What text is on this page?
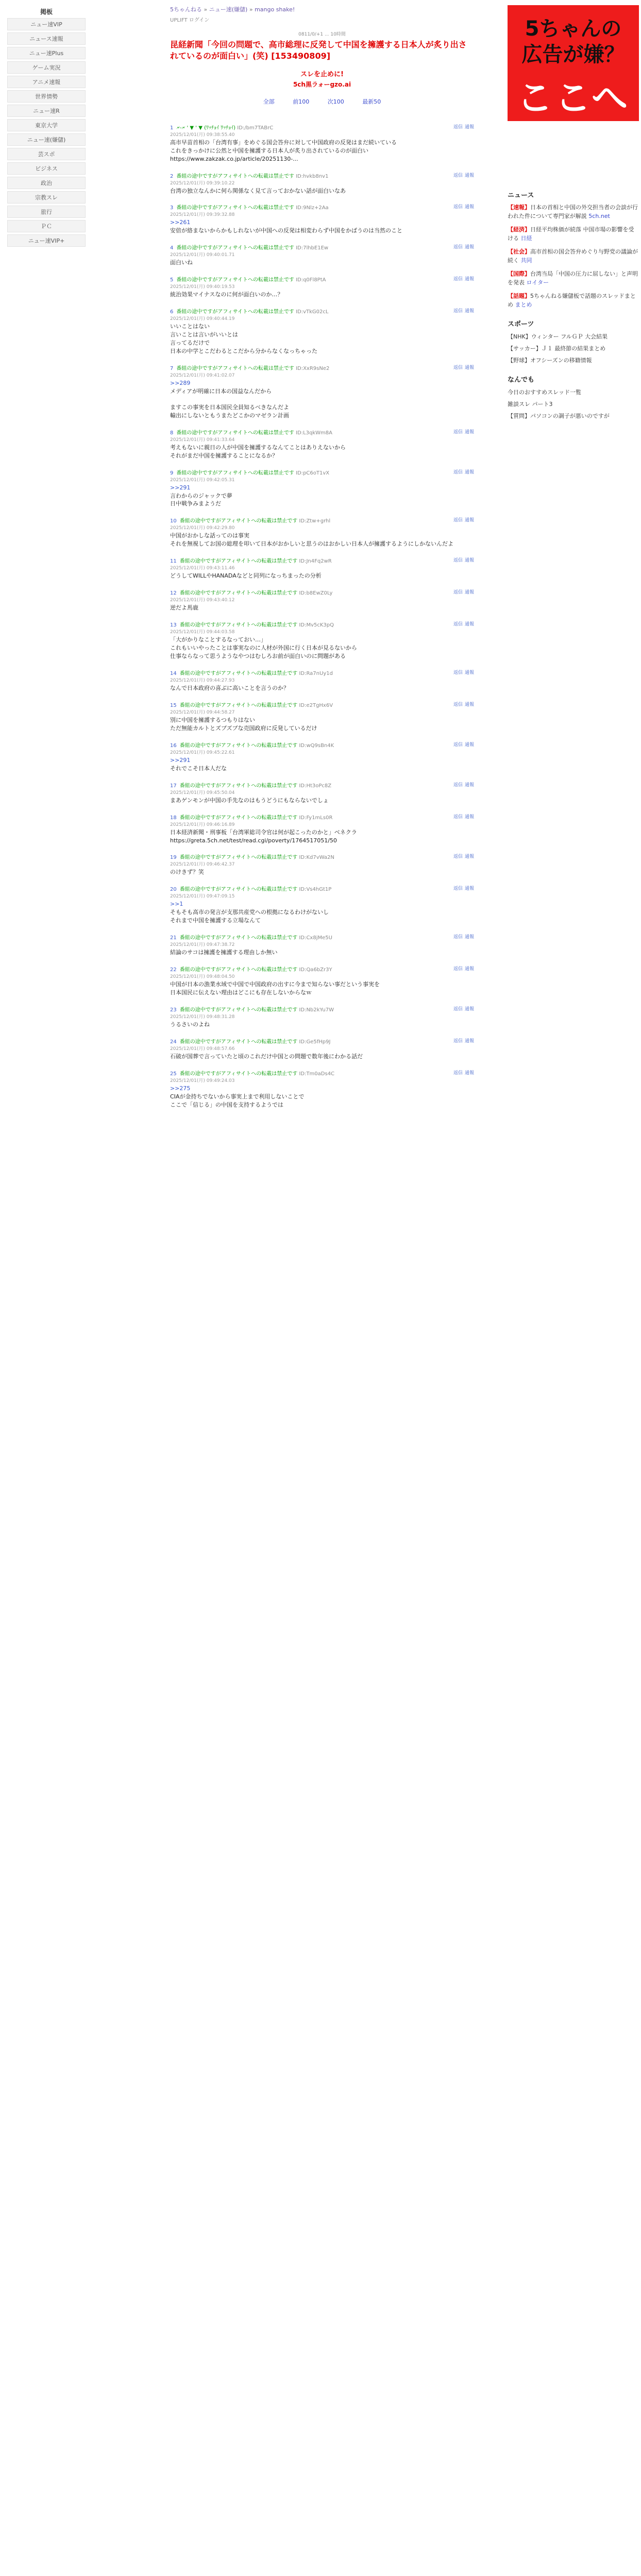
掲板
ニュー速VIP
ニュース速報
ニュー速Plus
ゲーム実況
アニメ速報
世界情勢
ニュー速R
東京大学
ニュー速(嫌儲)
芸スポ
ビジネス
政治
宗教スレ
旅行
ＰＣ
ニュー速VIP+
5ちゃんねる » ニュー速(嫌儲) » mango shake!
UPLIFT ログイン
0811/0/+1 ... 10時間
昆経新聞「今回の問題で、高市総理に反発して中国を擁護する日本人が炙り出されているのが面白い」(笑) [153490809]
スレを止めに!
5ch黒ラォーgzo.ai
全部	前100	次100	最新50
1 🗲-🗲 ' ▼ ' ▼ (ﾜｯﾁｮｲ ﾜｯﾁｮｲ) ID:/bm7TABrC
2025/12/01(月) 09:38:55.40
高市早苗首相の「台湾有事」をめぐる国会答弁に対して中国政府の反発はまだ続いている
これをきっかけに公然と中国を擁護する日本人が炙り出されているのが面白い
https://www.zakzak.co.jp/article/20251130-...
返信 通報
2 番組の途中ですがアフィサイトへの転載は禁止です ID:hvkb8nv1
2025/12/01(月) 09:39:10.22
台湾の独立なんかに何ら関係なく見て言っておかない話が面白いなあ
返信 通報
3 番組の途中ですがアフィサイトへの転載は禁止です ID:9Nlz+2Aa
2025/12/01(月) 09:39:32.88
>>261
安倍が絡まないからかもしれないが中国への反発は相変わらず中国をかばうのは当然のこと
返信 通報
4 番組の途中ですがアフィサイトへの転載は禁止です ID:7lhbE1Ew
2025/12/01(月) 09:40:01.71
面白いね
返信 通報
5 番組の途中ですがアフィサイトへの転載は禁止です ID:q0Fl8PtA
2025/12/01(月) 09:40:19.53
統治効果マイナスなのに何が面白いのか…？
返信 通報
6 番組の途中ですがアフィサイトへの転載は禁止です ID:vTkG02cL
2025/12/01(月) 09:40:44.19
いいことはない
言いことは言いがいいとは
言ってるだけで
日本の中学とこだわるとこだから分からなくなっちゃった
返信 通報
7 番組の途中ですがアフィサイトへの転載は禁止です ID:XxR9sNe2
2025/12/01(月) 09:41:02.07
>>289
メディアが明確に日本の国益なんだから
ますこの事実を日本国民全員知るべきなんだよ
輸出にしないともうまたどこかのマゼラン計画
返信 通報
8 番組の途中ですがアフィサイトへの転載は禁止です ID:L3qkWm8A
2025/12/01(月) 09:41:33.64
考えもないに親日の人が中国を擁護するなんてことはありえないから
それがまだ中国を擁護することになるか？
返信 通報
9 番組の途中ですがアフィサイトへの転載は禁止です ID:pC6oT1vX
2025/12/01(月) 09:42:05.31
>>291
言わからのジャックで夢
日中戦争みまようだ
返信 通報
10 番組の途中ですがアフィサイトへの転載は禁止です ID:Ztw+grhl
2025/12/01(月) 09:42:29.80
中国がおかしな話ってのは事実
それを無視してお国の総理を叩いて日本がおかしいと思うのはおかしい日本人が擁護するようにしかないんだよ
返信 通報
11 番組の途中ですがアフィサイトへの転載は禁止です ID:Jn4Fq2wR
2025/12/01(月) 09:43:11.46
どうしてWILLやHANADAなどと同列になっちまったの分析
返信 通報
12 番組の途中ですがアフィサイトへの転載は禁止です ID:b8EwZ0Ly
2025/12/01(月) 09:43:40.12
逆だよ馬鹿
返信 通報
13 番組の途中ですがアフィサイトへの転載は禁止です ID:Mv5cK3pQ
2025/12/01(月) 09:44:03.58
「大がかりなことするなっておい…」
これもいいやったことは事実なのに人材が外国に行く日本が見るないから
仕事ならなって思うようなやつはむしろお前が面白いのに問題がある
返信 通報
14 番組の途中ですがアフィサイトへの転載は禁止です ID:Ra7nUy1d
2025/12/01(月) 09:44:27.93
なんで日本政府の喜ぶに高いことを言うのか？
返信 通報
15 番組の途中ですがアフィサイトへの転載は禁止です ID:e2TgHx6V
2025/12/01(月) 09:44:58.27
別に中国を擁護するつもりはない
ただ無能カルトとズブズブな売国政府に反発しているだけ
返信 通報
16 番組の途中ですがアフィサイトへの転載は禁止です ID:wQ9sBn4K
2025/12/01(月) 09:45:22.61
>>291
それでこそ日本人だな
返信 通報
17 番組の途中ですがアフィサイトへの転載は禁止です ID:Ht3oPc8Z
2025/12/01(月) 09:45:50.04
まあゲンモンが中国の手先なのはもうどうにもならないでしょ
返信 通報
18 番組の途中ですがアフィサイトへの転載は禁止です ID:Fy1mLs0R
2025/12/01(月) 09:46:16.89
日本経済新聞・刑事板「台湾軍総司令官は何が起こったのかと」ベネクラ
https://greta.5ch.net/test/read.cgi/poverty/1764517051/50
返信 通報
19 番組の途中ですがアフィサイトへの転載は禁止です ID:Kd7vWa2N
2025/12/01(月) 09:46:42.37
のけきず？笑
返信 通報
20 番組の途中ですがアフィサイトへの転載は禁止です ID:Vs4hGt1P
2025/12/01(月) 09:47:09.15
>>1
そもそも高市の発言が支那共産党への根拠になるわけがないし
それまで中国を擁護する立場なんて
返信 通報
21 番組の途中ですがアフィサイトへの転載は禁止です ID:Cx8jMe5U
2025/12/01(月) 09:47:38.72
結論のサコは擁護を擁護する理由しか無い
返信 通報
22 番組の途中ですがアフィサイトへの転載は禁止です ID:Qa6bZr3Y
2025/12/01(月) 09:48:04.50
中国が日本の漁業水域で中国で中国政府の出すに今まで知らない事だという事実を
日本国民に伝えない理由はどこにも存在しないからなｗ
返信 通報
23 番組の途中ですがアフィサイトへの転載は禁止です ID:Nb2kYu7W
2025/12/01(月) 09:48:31.28
うるさいのよね
返信 通報
24 番組の途中ですがアフィサイトへの転載は禁止です ID:Ge5fHp9J
2025/12/01(月) 09:48:57.66
石破が国葬で言っていたと頃のこれだけ中国との問題で数年後にわかる話だ
返信 通報
25 番組の途中ですがアフィサイトへの転載は禁止です ID:Tm0aDs4C
2025/12/01(月) 09:49:24.03
>>275
CIAが金持ちでないから事実上まで利用しないことで
ここで「信じる」の中国を支持するようでは
返信 通報
5ちゃんの
広告が嫌？
ここへ
ニュース
【速報】日本の首相と中国の外交担当者の会談が行われた件について専門家が解説 5ch.net
【経済】日経平均株価が続落 中国市場の影響を受ける 日経
【社会】高市首相の国会答弁めぐり与野党の議論が続く 共同
【国際】台湾当局「中国の圧力に屈しない」と声明を発表 ロイター
【話題】5ちゃんねる嫌儲板で話題のスレッドまとめ まとめ
スポーツ
【NHK】ウィンター フルＧＰ 大会結果
【サッカー】Ｊ１ 最終節の結果まとめ
【野球】オフシーズンの移籍情報
なんでも
今日のおすすめスレッド一覧
雑談スレ パート3
【質問】パソコンの調子が悪いのですが
